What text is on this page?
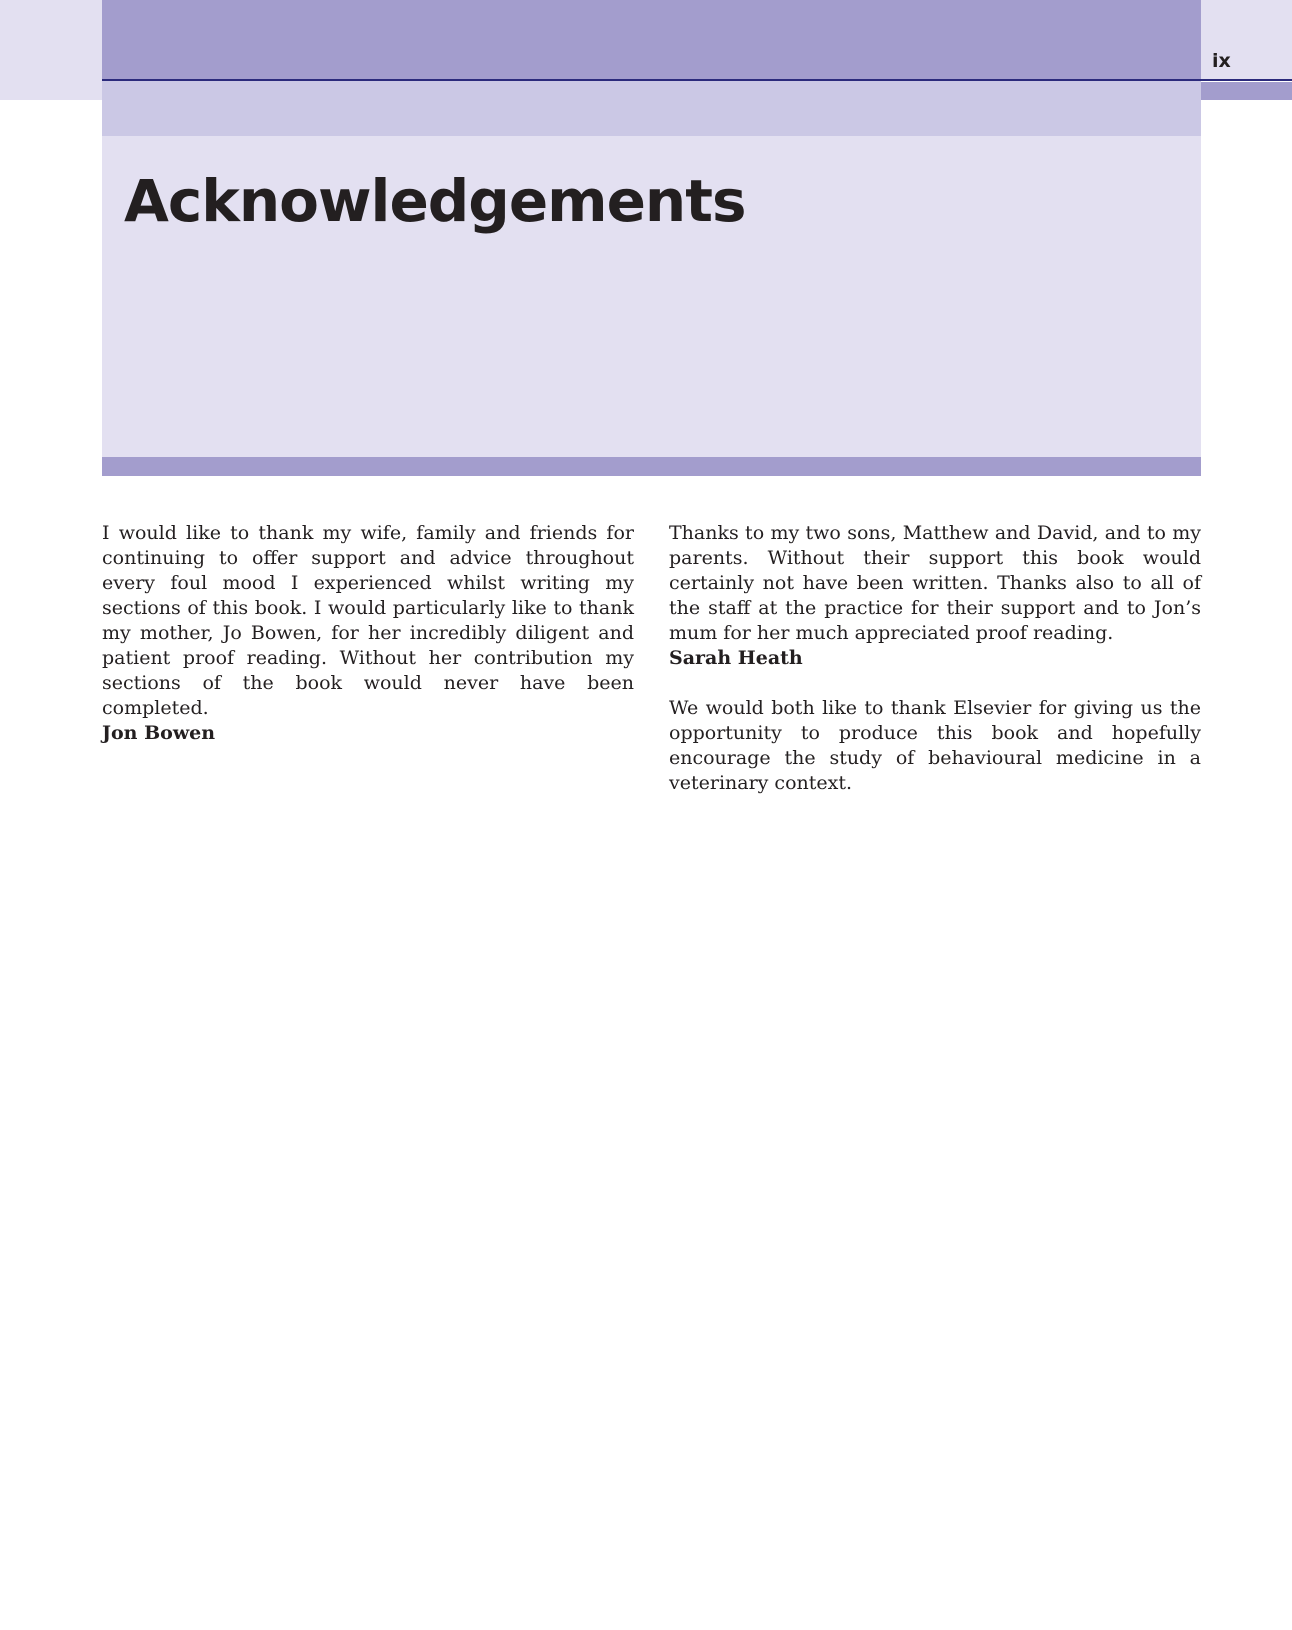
ix
Acknowledgements

I would like to thank my wife, family and friends for continuing to offer support and advice throughout every foul mood I experienced whilst writing my sections of this book. I would particularly like to thank my mother, Jo Bowen, for her incredibly diligent and patient proof reading. Without her contribution my sections of the book would never have been completed.

Jon Bowen

Thanks to my two sons, Matthew and David, and to my parents. Without their support this book would certainly not have been written. Thanks also to all of the staff at the practice for their support and to Jon’s mum for her much appreciated proof reading.

Sarah Heath

We would both like to thank Elsevier for giving us the opportunity to produce this book and hopefully encourage the study of behavioural medicine in a veterinary context.
